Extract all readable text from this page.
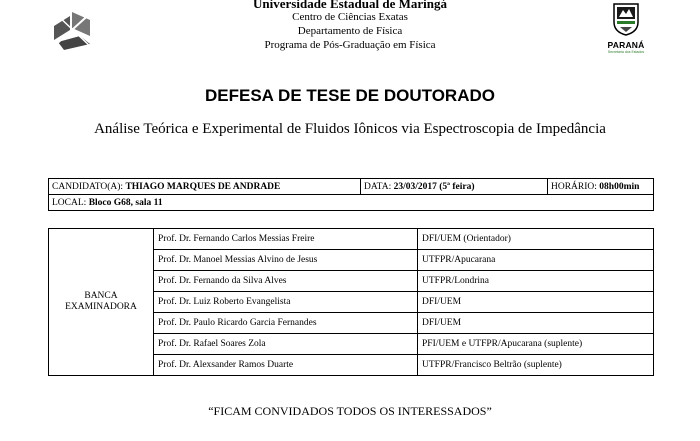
Universidade Estadual de Maringá
Centro de Ciências Exatas
Departamento de Física
Programa de Pós-Graduação em Física	PARANÁ
Secretaria dos Estados
DEFESA DE TESE DE DOUTORADO
Análise Teórica e Experimental de Fluidos Iônicos via Espectroscopia de Impedância
CANDIDATO(A): THIAGO MARQUES DE ANDRADE	DATA: 23/03/2017 (5ª feira)	HORÁRIO: 08h00min
LOCAL: Bloco G68, sala 11
BANCA
EXAMINADORA	Prof. Dr. Fernando Carlos Messias Freire	DFI/UEM (Orientador)
	Prof. Dr. Manoel Messias Alvino de Jesus	UTFPR/Apucarana
	Prof. Dr. Fernando da Silva Alves	UTFPR/Londrina
	Prof. Dr. Luiz Roberto Evangelista	DFI/UEM
	Prof. Dr. Paulo Ricardo Garcia Fernandes	DFI/UEM
	Prof. Dr. Rafael Soares Zola	PFI/UEM e UTFPR/Apucarana (suplente)
	Prof. Dr. Alexsander Ramos Duarte	UTFPR/Francisco Beltrão (suplente)
“FICAM CONVIDADOS TODOS OS INTERESSADOS”
